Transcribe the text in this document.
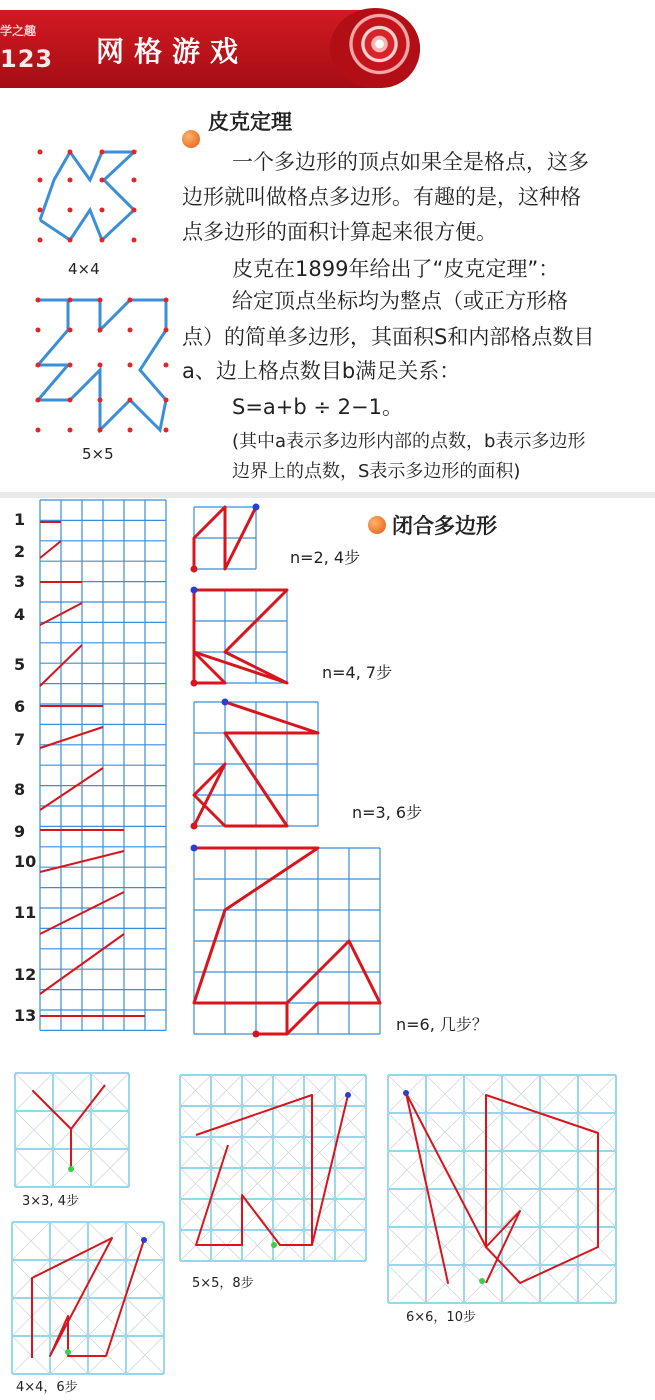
学之趣
123 网格游戏
皮克定理
一个多边形的顶点如果全是格点，这多
边形就叫做格点多边形。有趣的是，这种格
点多边形的面积计算起来很方便。
皮克在1899年给出了“皮克定理”：
给定顶点坐标均为整点（或正方形格
点）的简单多边形，其面积S和内部格点数目
a、边上格点数目b满足关系：
S=a+b ÷ 2−1。
(其中a表示多边形内部的点数，b表示多边形
边界上的点数，S表示多边形的面积)
4×4
5×5
闭合多边形
1
2
3
4
5
6
7
8
9
10
11
12
13
n=2, 4步
n=4, 7步
n=3, 6步
n=6, 几步？
3×3, 4步
5×5，8步
6×6，10步
4×4，6步
